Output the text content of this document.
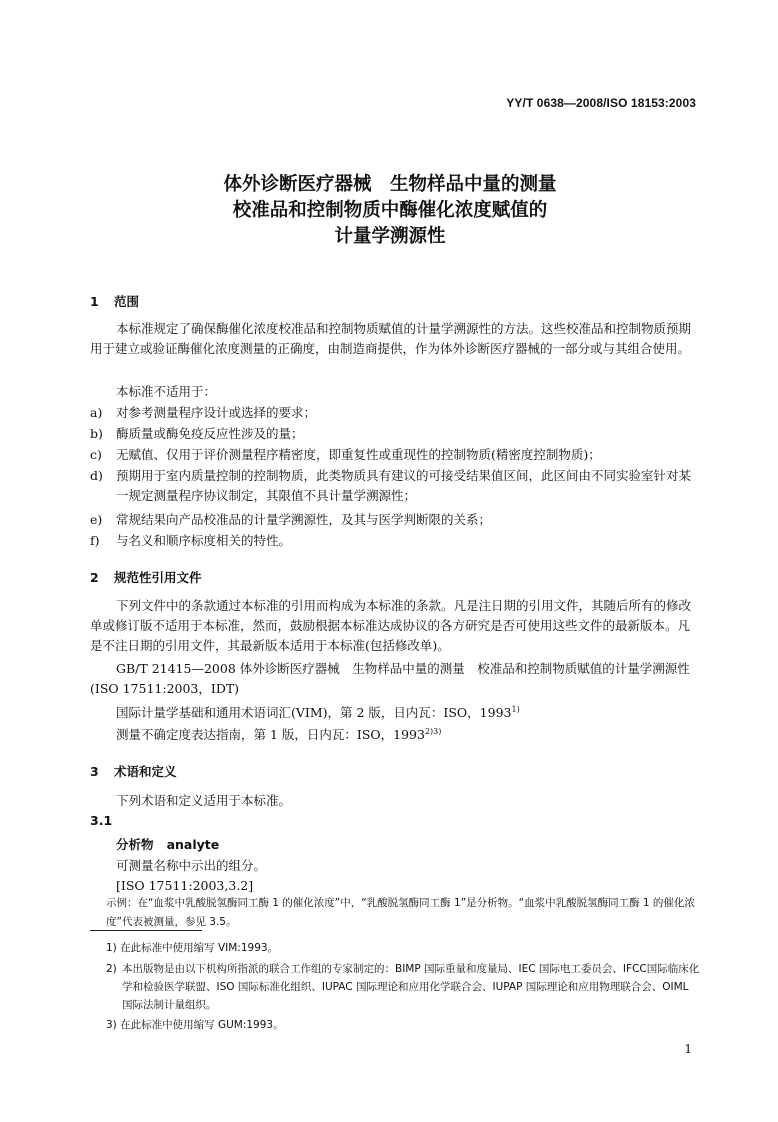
YY/T 0638—2008/ISO 18153:2003
体外诊断医疗器械　生物样品中量的测量
校准品和控制物质中酶催化浓度赋值的
计量学溯源性
1 范围
本标准规定了确保酶催化浓度校准品和控制物质赋值的计量学溯源性的方法。这些校准品和控制物质预期用于建立或验证酶催化浓度测量的正确度，由制造商提供，作为体外诊断医疗器械的一部分或与其组合使用。
本标准不适用于：
a) 对参考测量程序设计或选择的要求；
b) 酶质量或酶免疫反应性涉及的量；
c) 无赋值、仅用于评价测量程序精密度，即重复性或重现性的控制物质(精密度控制物质)；
d)	预期用于室内质量控制的控制物质，此类物质具有建议的可接受结果值区间，此区间由不同实验室针对某一规定测量程序协议制定，其限值不具计量学溯源性；
e) 常规结果向产品校准品的计量学溯源性，及其与医学判断限的关系；
f) 与名义和顺序标度相关的特性。
2 规范性引用文件
下列文件中的条款通过本标准的引用而构成为本标准的条款。凡是注日期的引用文件，其随后所有的修改单或修订版不适用于本标准，然而，鼓励根据本标准达成协议的各方研究是否可使用这些文件的最新版本。凡是不注日期的引用文件，其最新版本适用于本标准(包括修改单)。
GB/T 21415—2008 体外诊断医疗器械　生物样品中量的测量　校准品和控制物质赋值的计量学溯源性(ISO 17511:2003，IDT)
国际计量学基础和通用术语词汇(VIM)，第 2 版，日内瓦：ISO，1993$^{1)}$
测量不确定度表达指南，第 1 版，日内瓦：ISO，$1993^{2)3)}$
3 术语和定义
下列术语和定义适用于本标准。
3.1
分析物 analyte
可测量名称中示出的组分。
[ISO 17511:2003,3.2]
示例：在“血浆中乳酸脱氢酶同工酶 1 的催化浓度”中，“乳酸脱氢酶同工酶 1”是分析物。“血浆中乳酸脱氢酶同工酶 1 的催化浓度”代表被测量，参见 3.5。
1) 在此标准中使用缩写 VIM:1993。
2) 本出版物是由以下机构所指派的联合工作组的专家制定的：BIMP 国际重量和度量局、IEC 国际电工委员会、IFCC国际临床化学和检验医学联盟、ISO 国际标准化组织、IUPAC 国际理论和应用化学联合会、IUPAP 国际理论和应用物理联合会、OIML 国际法制计量组织。
3) 在此标准中使用缩写 GUM:1993。
1
